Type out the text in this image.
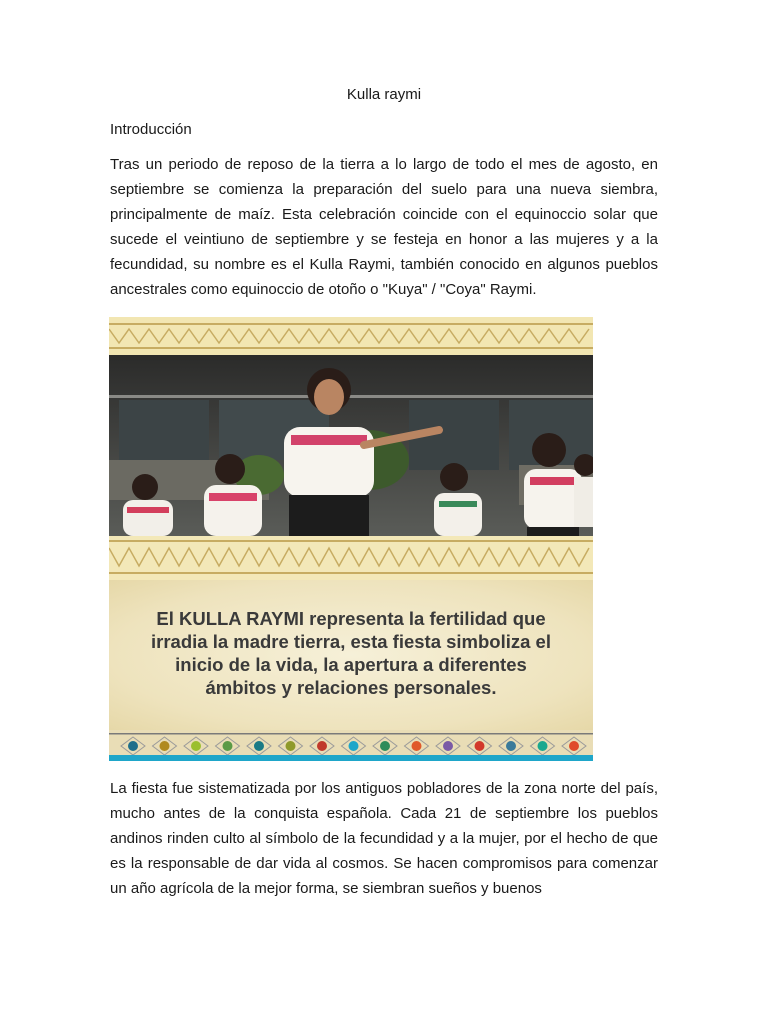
Kulla raymi
Introducción

Tras un periodo de reposo de la tierra a lo largo de todo el mes de agosto, en septiembre se comienza la preparación del suelo para una nueva siembra, principalmente de maíz. Esta celebración coincide con el equinoccio solar que sucede el veintiuno de septiembre y se festeja en honor a las mujeres y a la fecundidad, su nombre es el Kulla Raymi, también conocido en algunos pueblos ancestrales como equinoccio de otoño o "Kuya" / "Coya" Raymi.

El KULLA RAYMI representa la fertilidad que irradia la madre tierra, esta fiesta simboliza el inicio de la vida, la apertura a diferentes ámbitos y relaciones personales.

La fiesta fue sistematizada por los antiguos pobladores de la zona norte del país, mucho antes de la conquista española. Cada 21 de septiembre los pueblos andinos rinden culto al símbolo de la fecundidad y a la mujer, por el hecho de que es la responsable de dar vida al cosmos. Se hacen compromisos para comenzar un año agrícola de la mejor forma, se siembran sueños y buenos
